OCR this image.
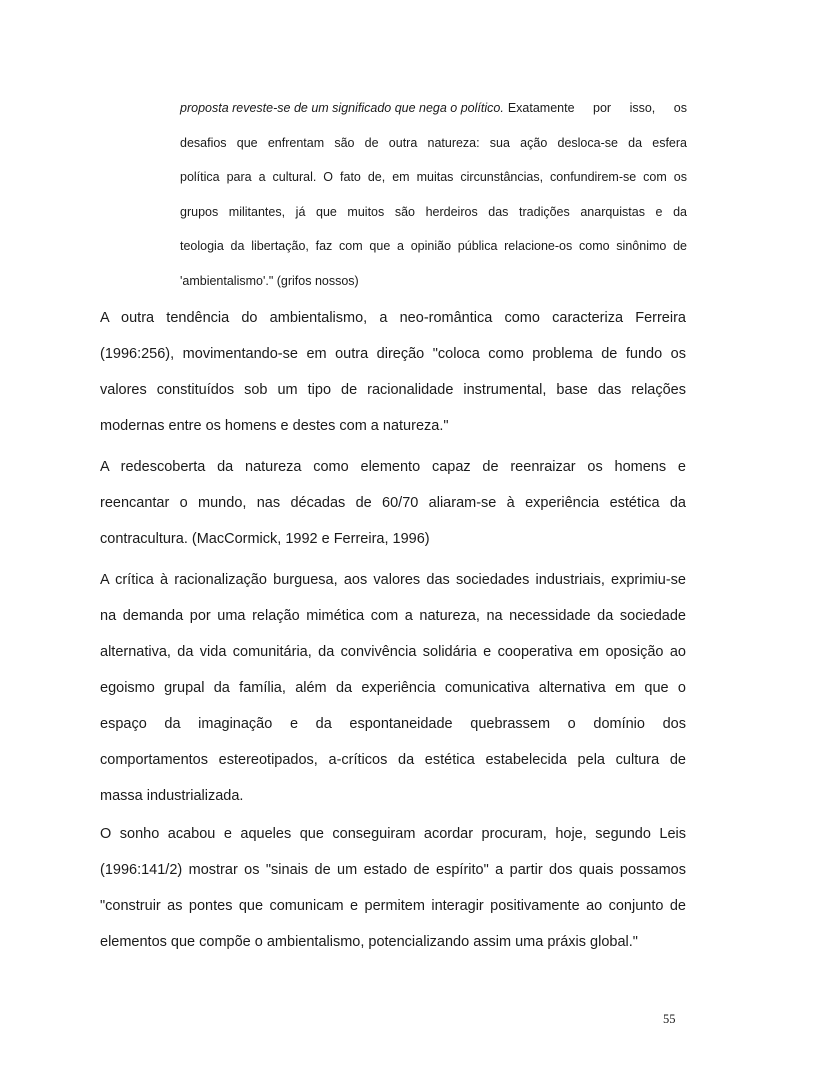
proposta reveste-se de um significado que nega o político. Exatamente por isso, os
desafios que enfrentam são de outra natureza: sua ação desloca-se da esfera
política para a cultural. O fato de, em muitas circunstâncias, confundirem-se com os
grupos militantes, já que muitos são herdeiros das tradições anarquistas e da
teologia da libertação, faz com que a opinião pública relacione-os como sinônimo de
'ambientalismo'." (grifos nossos)
A outra tendência do ambientalismo, a neo-romântica como caracteriza Ferreira
(1996:256), movimentando-se em outra direção "coloca como problema de fundo os
valores constituídos sob um tipo de racionalidade instrumental, base das relações
modernas entre os homens e destes com a natureza."
A redescoberta da natureza como elemento capaz de reenraizar os homens e
reencantar o mundo, nas décadas de 60/70 aliaram-se à experiência estética da
contracultura. (MacCormick, 1992 e Ferreira, 1996)
A crítica à racionalização burguesa, aos valores das sociedades industriais, exprimiu-se
na demanda por uma relação mimética com a natureza, na necessidade da sociedade
alternativa, da vida comunitária, da convivência solidária e cooperativa em oposição ao
egoismo grupal da família, além da experiência comunicativa alternativa em que o
espaço da imaginação e da espontaneidade quebrassem o domínio dos
comportamentos estereotipados, a-críticos da estética estabelecida pela cultura de
massa industrializada.
O sonho acabou e aqueles que conseguiram acordar procuram, hoje, segundo Leis
(1996:141/2) mostrar os "sinais de um estado de espírito" a partir dos quais possamos
"construir as pontes que comunicam e permitem interagir positivamente ao conjunto de
elementos que compõe o ambientalismo, potencializando assim uma práxis global."
55
